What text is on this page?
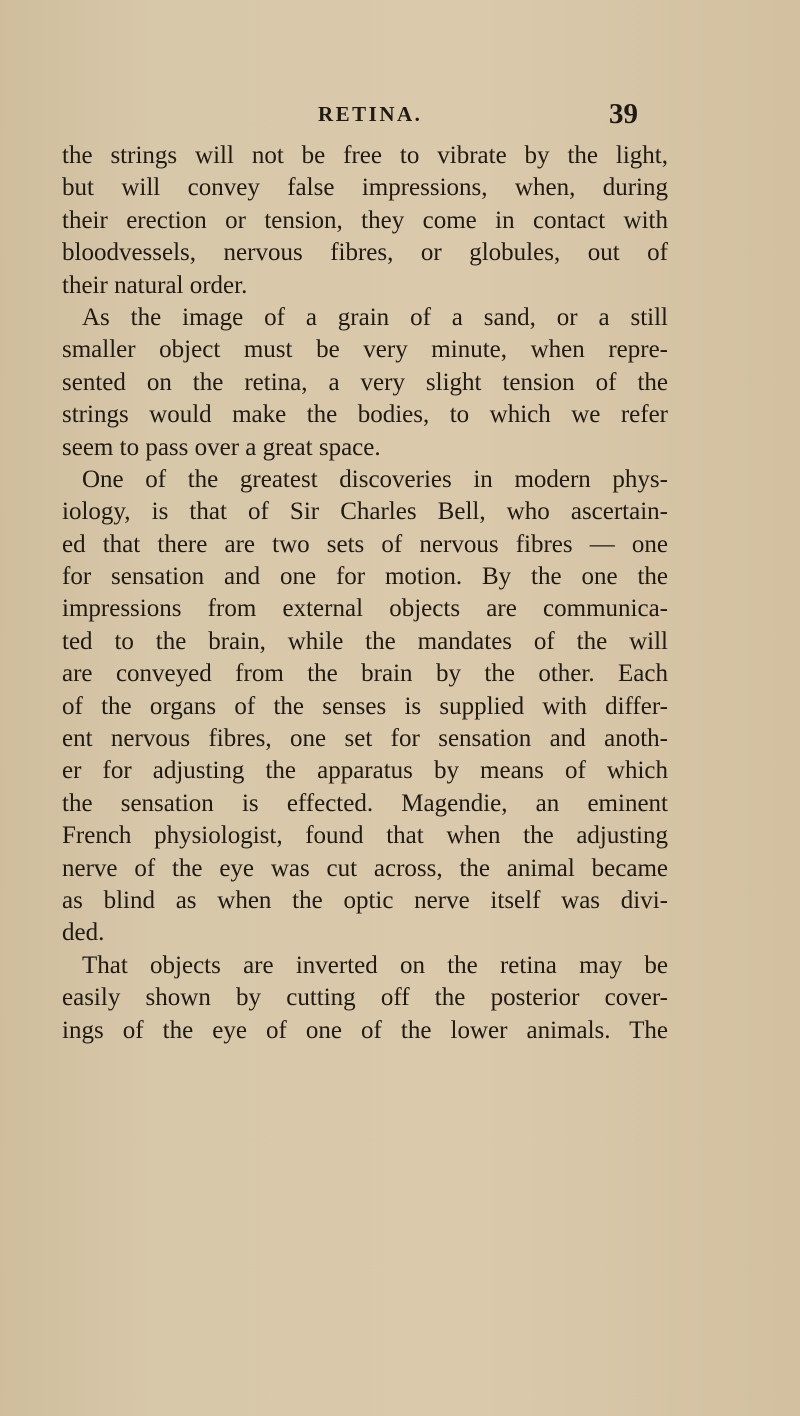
RETINA.	39
the strings will not be free to vibrate by the light,
but will convey false impressions, when, during
their erection or tension, they come in contact with
bloodvessels, nervous fibres, or globules, out of
their natural order.
As the image of a grain of a sand, or a still
smaller object must be very minute, when repre-
sented on the retina, a very slight tension of the
strings would make the bodies, to which we refer
seem to pass over a great space.
One of the greatest discoveries in modern phys-
iology, is that of Sir Charles Bell, who ascertain-
ed that there are two sets of nervous fibres — one
for sensation and one for motion. By the one the
impressions from external objects are communica-
ted to the brain, while the mandates of the will
are conveyed from the brain by the other. Each
of the organs of the senses is supplied with differ-
ent nervous fibres, one set for sensation and anoth-
er for adjusting the apparatus by means of which
the sensation is effected. Magendie, an eminent
French physiologist, found that when the adjusting
nerve of the eye was cut across, the animal became
as blind as when the optic nerve itself was divi-
ded.
That objects are inverted on the retina may be
easily shown by cutting off the posterior cover-
ings of the eye of one of the lower animals. The
